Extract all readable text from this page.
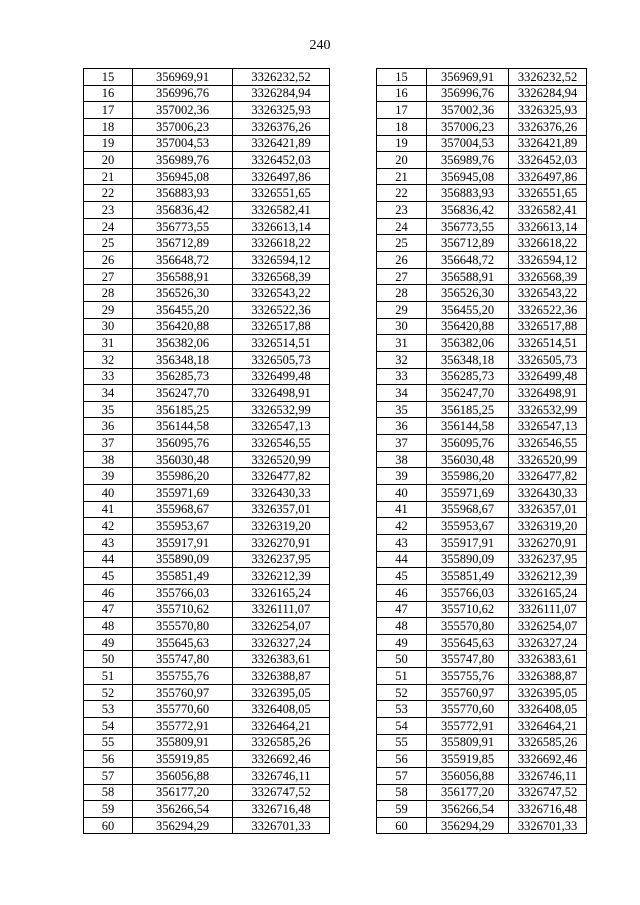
240
15	356969,91	3326232,52
16	356996,76	3326284,94
17	357002,36	3326325,93
18	357006,23	3326376,26
19	357004,53	3326421,89
20	356989,76	3326452,03
21	356945,08	3326497,86
22	356883,93	3326551,65
23	356836,42	3326582,41
24	356773,55	3326613,14
25	356712,89	3326618,22
26	356648,72	3326594,12
27	356588,91	3326568,39
28	356526,30	3326543,22
29	356455,20	3326522,36
30	356420,88	3326517,88
31	356382,06	3326514,51
32	356348,18	3326505,73
33	356285,73	3326499,48
34	356247,70	3326498,91
35	356185,25	3326532,99
36	356144,58	3326547,13
37	356095,76	3326546,55
38	356030,48	3326520,99
39	355986,20	3326477,82
40	355971,69	3326430,33
41	355968,67	3326357,01
42	355953,67	3326319,20
43	355917,91	3326270,91
44	355890,09	3326237,95
45	355851,49	3326212,39
46	355766,03	3326165,24
47	355710,62	3326111,07
48	355570,80	3326254,07
49	355645,63	3326327,24
50	355747,80	3326383,61
51	355755,76	3326388,87
52	355760,97	3326395,05
53	355770,60	3326408,05
54	355772,91	3326464,21
55	355809,91	3326585,26
56	355919,85	3326692,46
57	356056,88	3326746,11
58	356177,20	3326747,52
59	356266,54	3326716,48
60	356294,29	3326701,33
15	356969,91	3326232,52
16	356996,76	3326284,94
17	357002,36	3326325,93
18	357006,23	3326376,26
19	357004,53	3326421,89
20	356989,76	3326452,03
21	356945,08	3326497,86
22	356883,93	3326551,65
23	356836,42	3326582,41
24	356773,55	3326613,14
25	356712,89	3326618,22
26	356648,72	3326594,12
27	356588,91	3326568,39
28	356526,30	3326543,22
29	356455,20	3326522,36
30	356420,88	3326517,88
31	356382,06	3326514,51
32	356348,18	3326505,73
33	356285,73	3326499,48
34	356247,70	3326498,91
35	356185,25	3326532,99
36	356144,58	3326547,13
37	356095,76	3326546,55
38	356030,48	3326520,99
39	355986,20	3326477,82
40	355971,69	3326430,33
41	355968,67	3326357,01
42	355953,67	3326319,20
43	355917,91	3326270,91
44	355890,09	3326237,95
45	355851,49	3326212,39
46	355766,03	3326165,24
47	355710,62	3326111,07
48	355570,80	3326254,07
49	355645,63	3326327,24
50	355747,80	3326383,61
51	355755,76	3326388,87
52	355760,97	3326395,05
53	355770,60	3326408,05
54	355772,91	3326464,21
55	355809,91	3326585,26
56	355919,85	3326692,46
57	356056,88	3326746,11
58	356177,20	3326747,52
59	356266,54	3326716,48
60	356294,29	3326701,33
